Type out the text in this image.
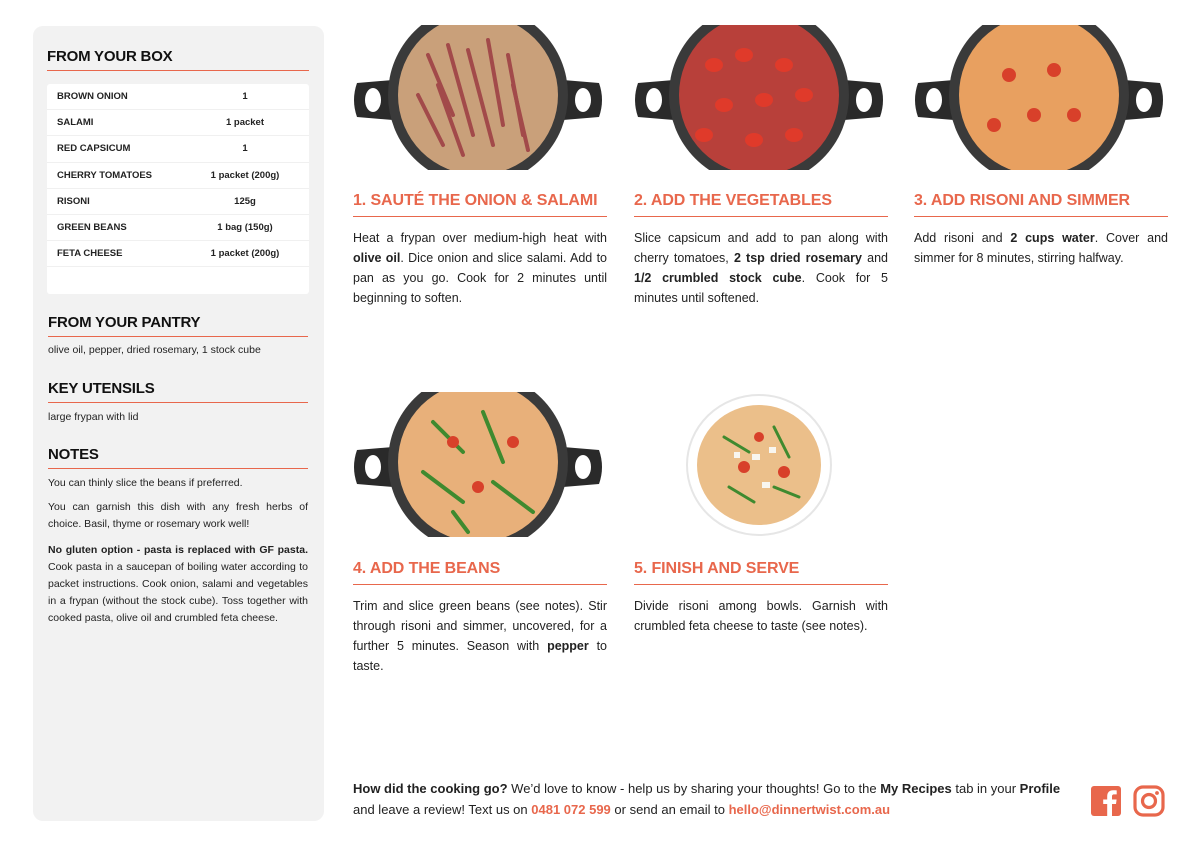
FROM YOUR BOX
BROWN ONION	1
SALAMI	1 packet
RED CAPSICUM	1
CHERRY TOMATOES	1 packet (200g)
RISONI	125g
GREEN BEANS	1 bag (150g)
FETA CHEESE	1 packet (200g)
FROM YOUR PANTRY
olive oil, pepper, dried rosemary, 1 stock cube
KEY UTENSILS
large frypan with lid
NOTES
You can thinly slice the beans if preferred.
You can garnish this dish with any fresh herbs of choice. Basil, thyme or rosemary work well!
No gluten option - pasta is replaced with GF pasta. Cook pasta in a saucepan of boiling water according to packet instructions. Cook onion, salami and vegetables in a frypan (without the stock cube). Toss together with cooked pasta, olive oil and crumbled feta cheese.
1. SAUTÉ THE ONION & SALAMI
Heat a frypan over medium-high heat with olive oil. Dice onion and slice salami. Add to pan as you go. Cook for 2 minutes until beginning to soften.
2. ADD THE VEGETABLES
Slice capsicum and add to pan along with cherry tomatoes, 2 tsp dried rosemary and 1/2 crumbled stock cube. Cook for 5 minutes until softened.
3. ADD RISONI AND SIMMER
Add risoni and 2 cups water. Cover and simmer for 8 minutes, stirring halfway.
4. ADD THE BEANS
Trim and slice green beans (see notes). Stir through risoni and simmer, uncovered, for a further 5 minutes. Season with pepper to taste.
5. FINISH AND SERVE
Divide risoni among bowls. Garnish with crumbled feta cheese to taste (see notes).
How did the cooking go? We’d love to know - help us by sharing your thoughts! Go to the My Recipes tab in your Profile and leave a review! Text us on 0481 072 599 or send an email to hello@dinnertwist.com.au
